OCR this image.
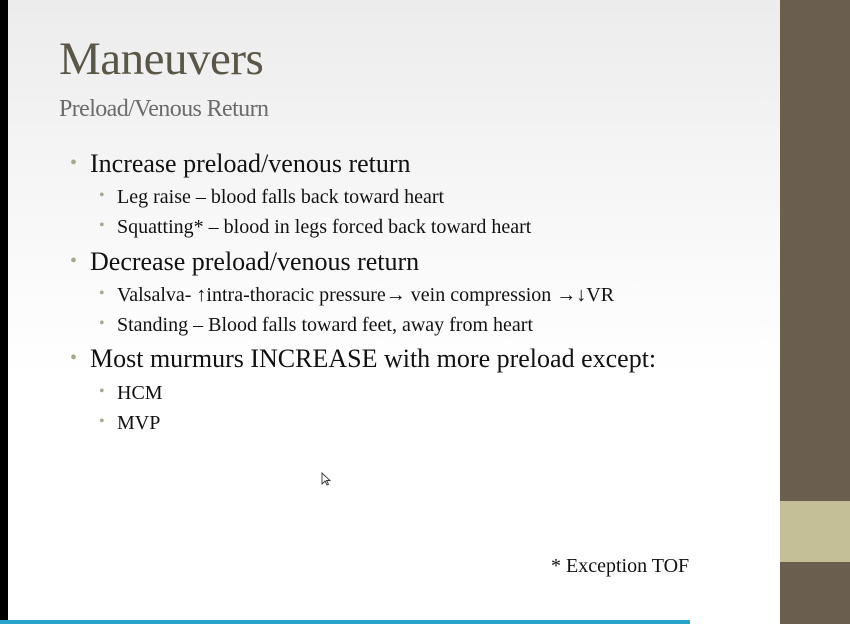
Maneuvers
Preload/Venous Return
• Increase preload/venous return
• Leg raise – blood falls back toward heart
• Squatting* – blood in legs forced back toward heart
• Decrease preload/venous return
• Valsalva- ↑intra-thoracic pressure→ vein compression →↓VR
• Standing – Blood falls toward feet, away from heart
• Most murmurs INCREASE with more preload except:
• HCM
• MVP
* Exception TOF
